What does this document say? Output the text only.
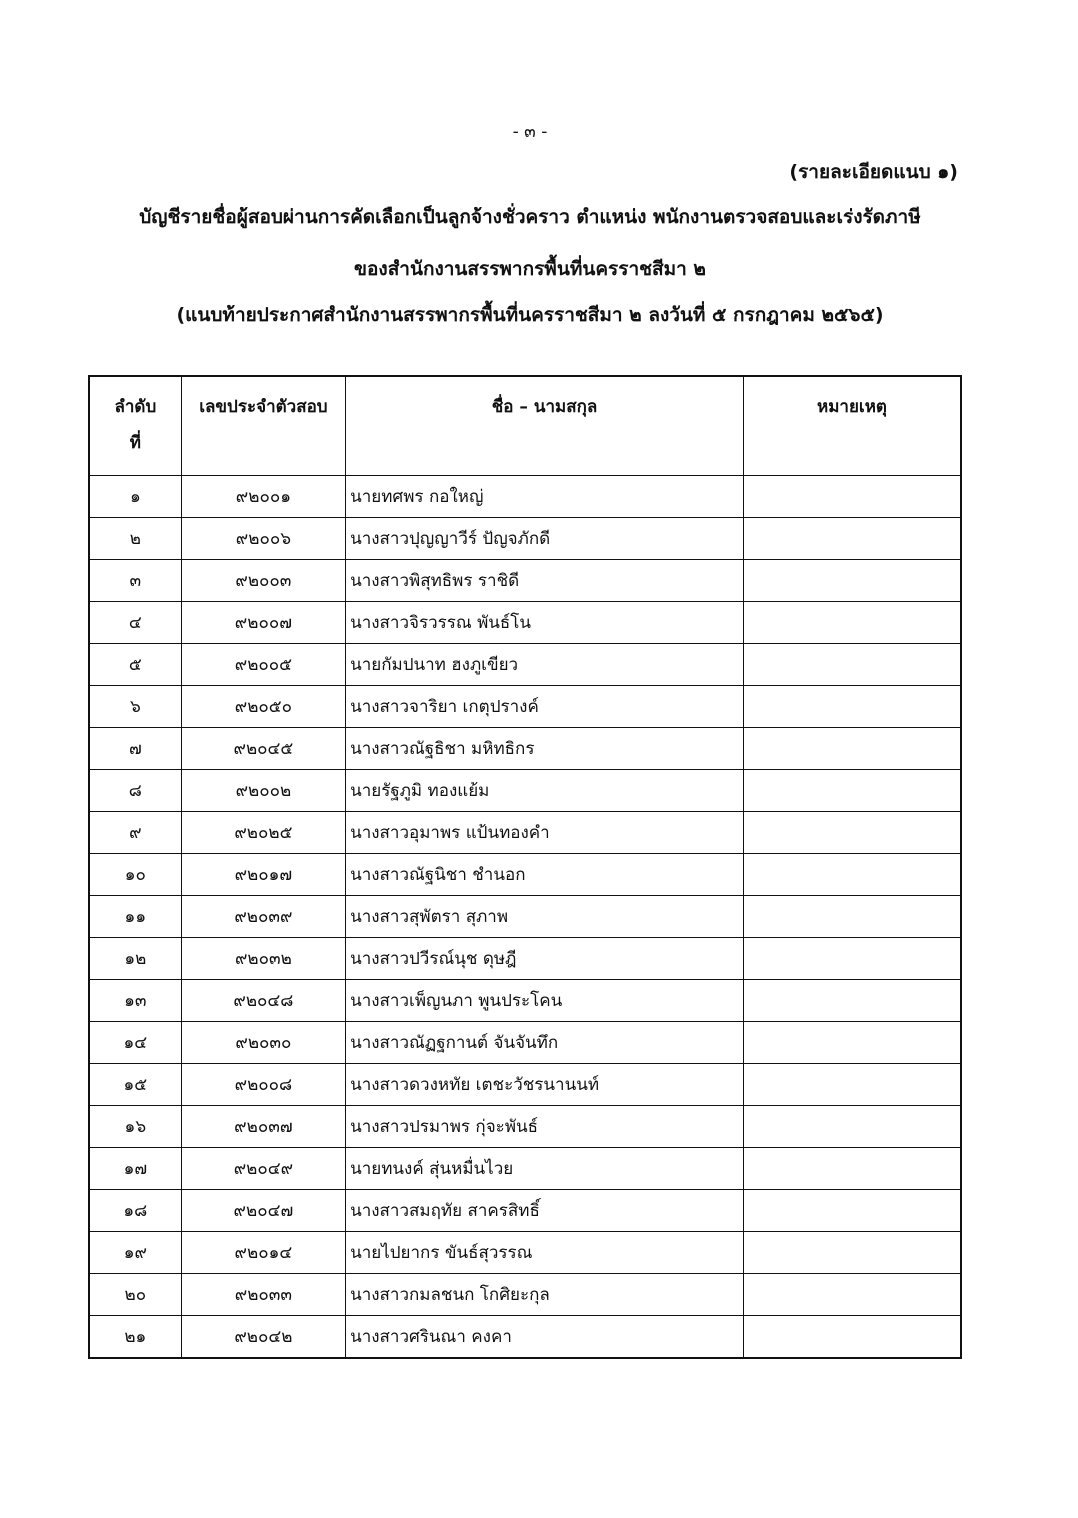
- ๓ -
(รายละเอียดแนบ ๑)
บัญชีรายชื่อผู้สอบผ่านการคัดเลือกเป็นลูกจ้างชั่วคราว ตำแหน่ง พนักงานตรวจสอบและเร่งรัดภาษี
ของสำนักงานสรรพากรพื้นที่นครราชสีมา ๒
(แนบท้ายประกาศสำนักงานสรรพากรพื้นที่นครราชสีมา ๒ ลงวันที่ ๕ กรกฎาคม ๒๕๖๕)
ลำดับ
ที่	เลขประจำตัวสอบ	ชื่อ – นามสกุล	หมายเหตุ
๑	๙๒๐๐๑	นายทศพร กอใหญ่	
๒	๙๒๐๐๖	นางสาวปุญญาวีร์ ปัญจภักดี	
๓	๙๒๐๐๓	นางสาวพิสุทธิพร ราชิดี	
๔	๙๒๐๐๗	นางสาวจิรวรรณ พันธ์โน	
๕	๙๒๐๐๕	นายกัมปนาท ฮงภูเขียว	
๖	๙๒๐๕๐	นางสาวจาริยา เกตุปรางค์	
๗	๙๒๐๔๕	นางสาวณัฐธิชา มหิทธิกร	
๘	๙๒๐๐๒	นายรัฐภูมิ ทองแย้ม	
๙	๙๒๐๒๕	นางสาวอุมาพร แป้นทองคำ	
๑๐	๙๒๐๑๗	นางสาวณัฐนิชา ชำนอก	
๑๑	๙๒๐๓๙	นางสาวสุพัตรา สุภาพ	
๑๒	๙๒๐๓๒	นางสาวปวีรณ์นุช ดุษฎี	
๑๓	๙๒๐๔๘	นางสาวเพ็ญนภา พูนประโคน	
๑๔	๙๒๐๓๐	นางสาวณัฏฐกานต์ จันจันทึก	
๑๕	๙๒๐๐๘	นางสาวดวงหทัย เตชะวัชรนานนท์	
๑๖	๙๒๐๓๗	นางสาวปรมาพร กุ่จะพันธ์	
๑๗	๙๒๐๔๙	นายทนงค์ สุ่นหมื่นไวย	
๑๘	๙๒๐๔๗	นางสาวสมฤทัย สาครสิทธิ์	
๑๙	๙๒๐๑๔	นายไปยากร ขันธ์สุวรรณ	
๒๐	๙๒๐๓๓	นางสาวกมลชนก โกศิยะกุล	
๒๑	๙๒๐๔๒	นางสาวศรินณา คงคา	
